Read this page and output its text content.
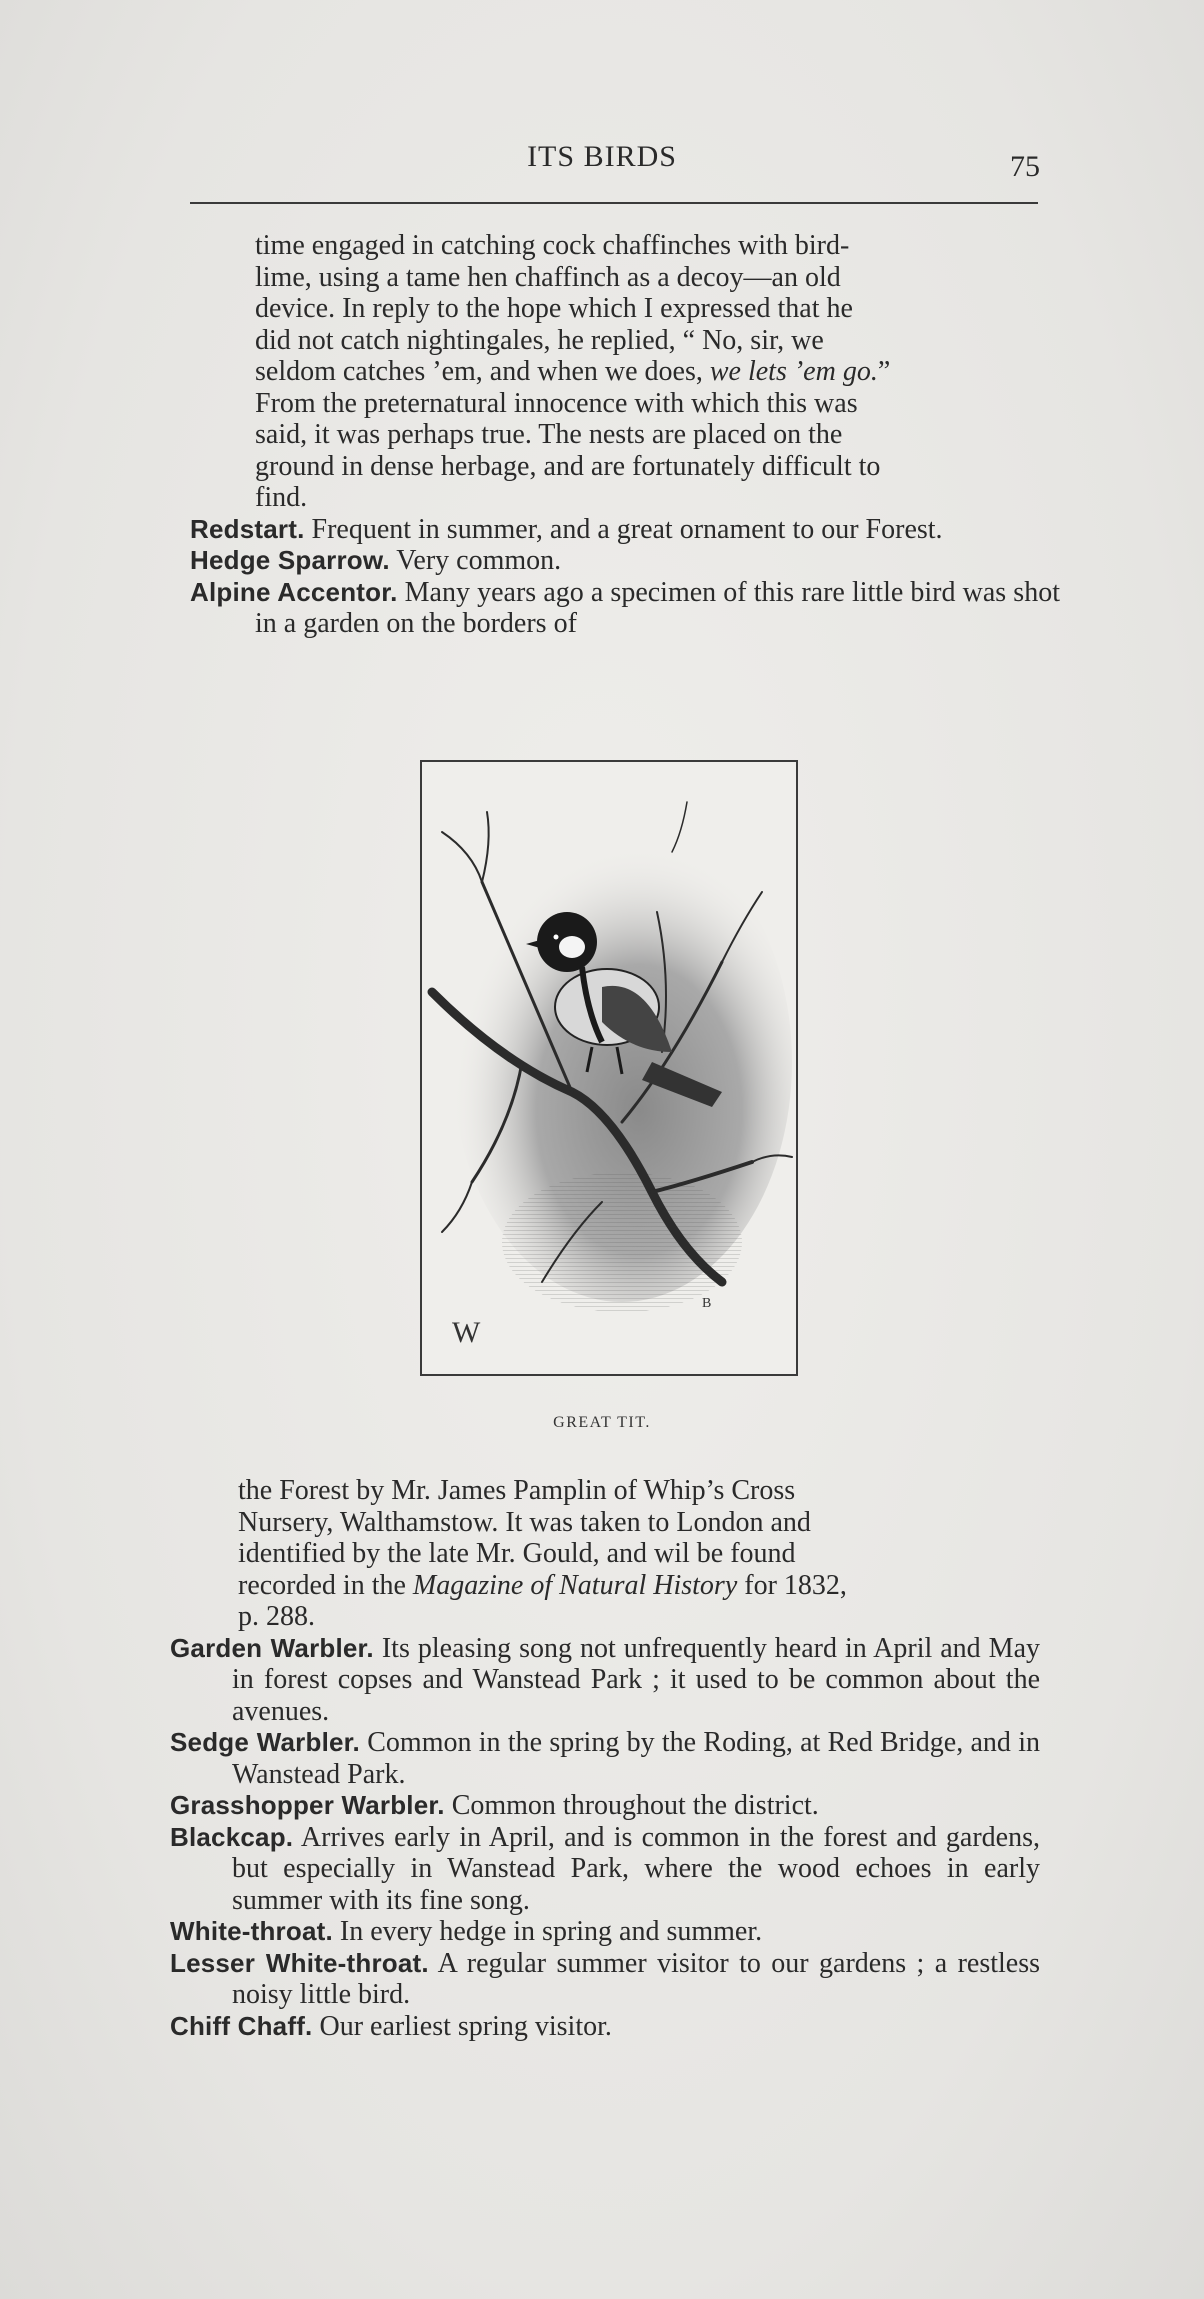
ITS BIRDS	75
time engaged in catching cock chaffinches with bird-
lime, using a tame hen chaffinch as a decoy—an old
device. In reply to the hope which I expressed that he
did not catch nightingales, he replied, “ No, sir, we
seldom catches ’em, and when we does, we lets ’em go.”
From the preternatural innocence with which this was
said, it was perhaps true. The nests are placed on the
ground in dense herbage, and are fortunately difficult to
find.
Redstart. Frequent in summer, and a great ornament to our Forest.
Hedge Sparrow. Very common.
Alpine Accentor. Many years ago a specimen of this rare little bird was shot in a garden on the borders of
W
B
GREAT TIT.
the Forest by Mr. James Pamplin of Whip’s Cross
Nursery, Walthamstow. It was taken to London and
identified by the late Mr. Gould, and wil be found
recorded in the Magazine of Natural History for 1832,
p. 288.
Garden Warbler. Its pleasing song not unfrequently heard in April and May in forest copses and Wanstead Park ; it used to be common about the avenues.
Sedge Warbler. Common in the spring by the Roding, at Red Bridge, and in Wanstead Park.
Grasshopper Warbler. Common throughout the district.
Blackcap. Arrives early in April, and is common in the forest and gardens, but especially in Wanstead Park, where the wood echoes in early summer with its fine song.
White-throat. In every hedge in spring and summer.
Lesser White-throat. A regular summer visitor to our gardens ; a restless noisy little bird.
Chiff Chaff. Our earliest spring visitor.
